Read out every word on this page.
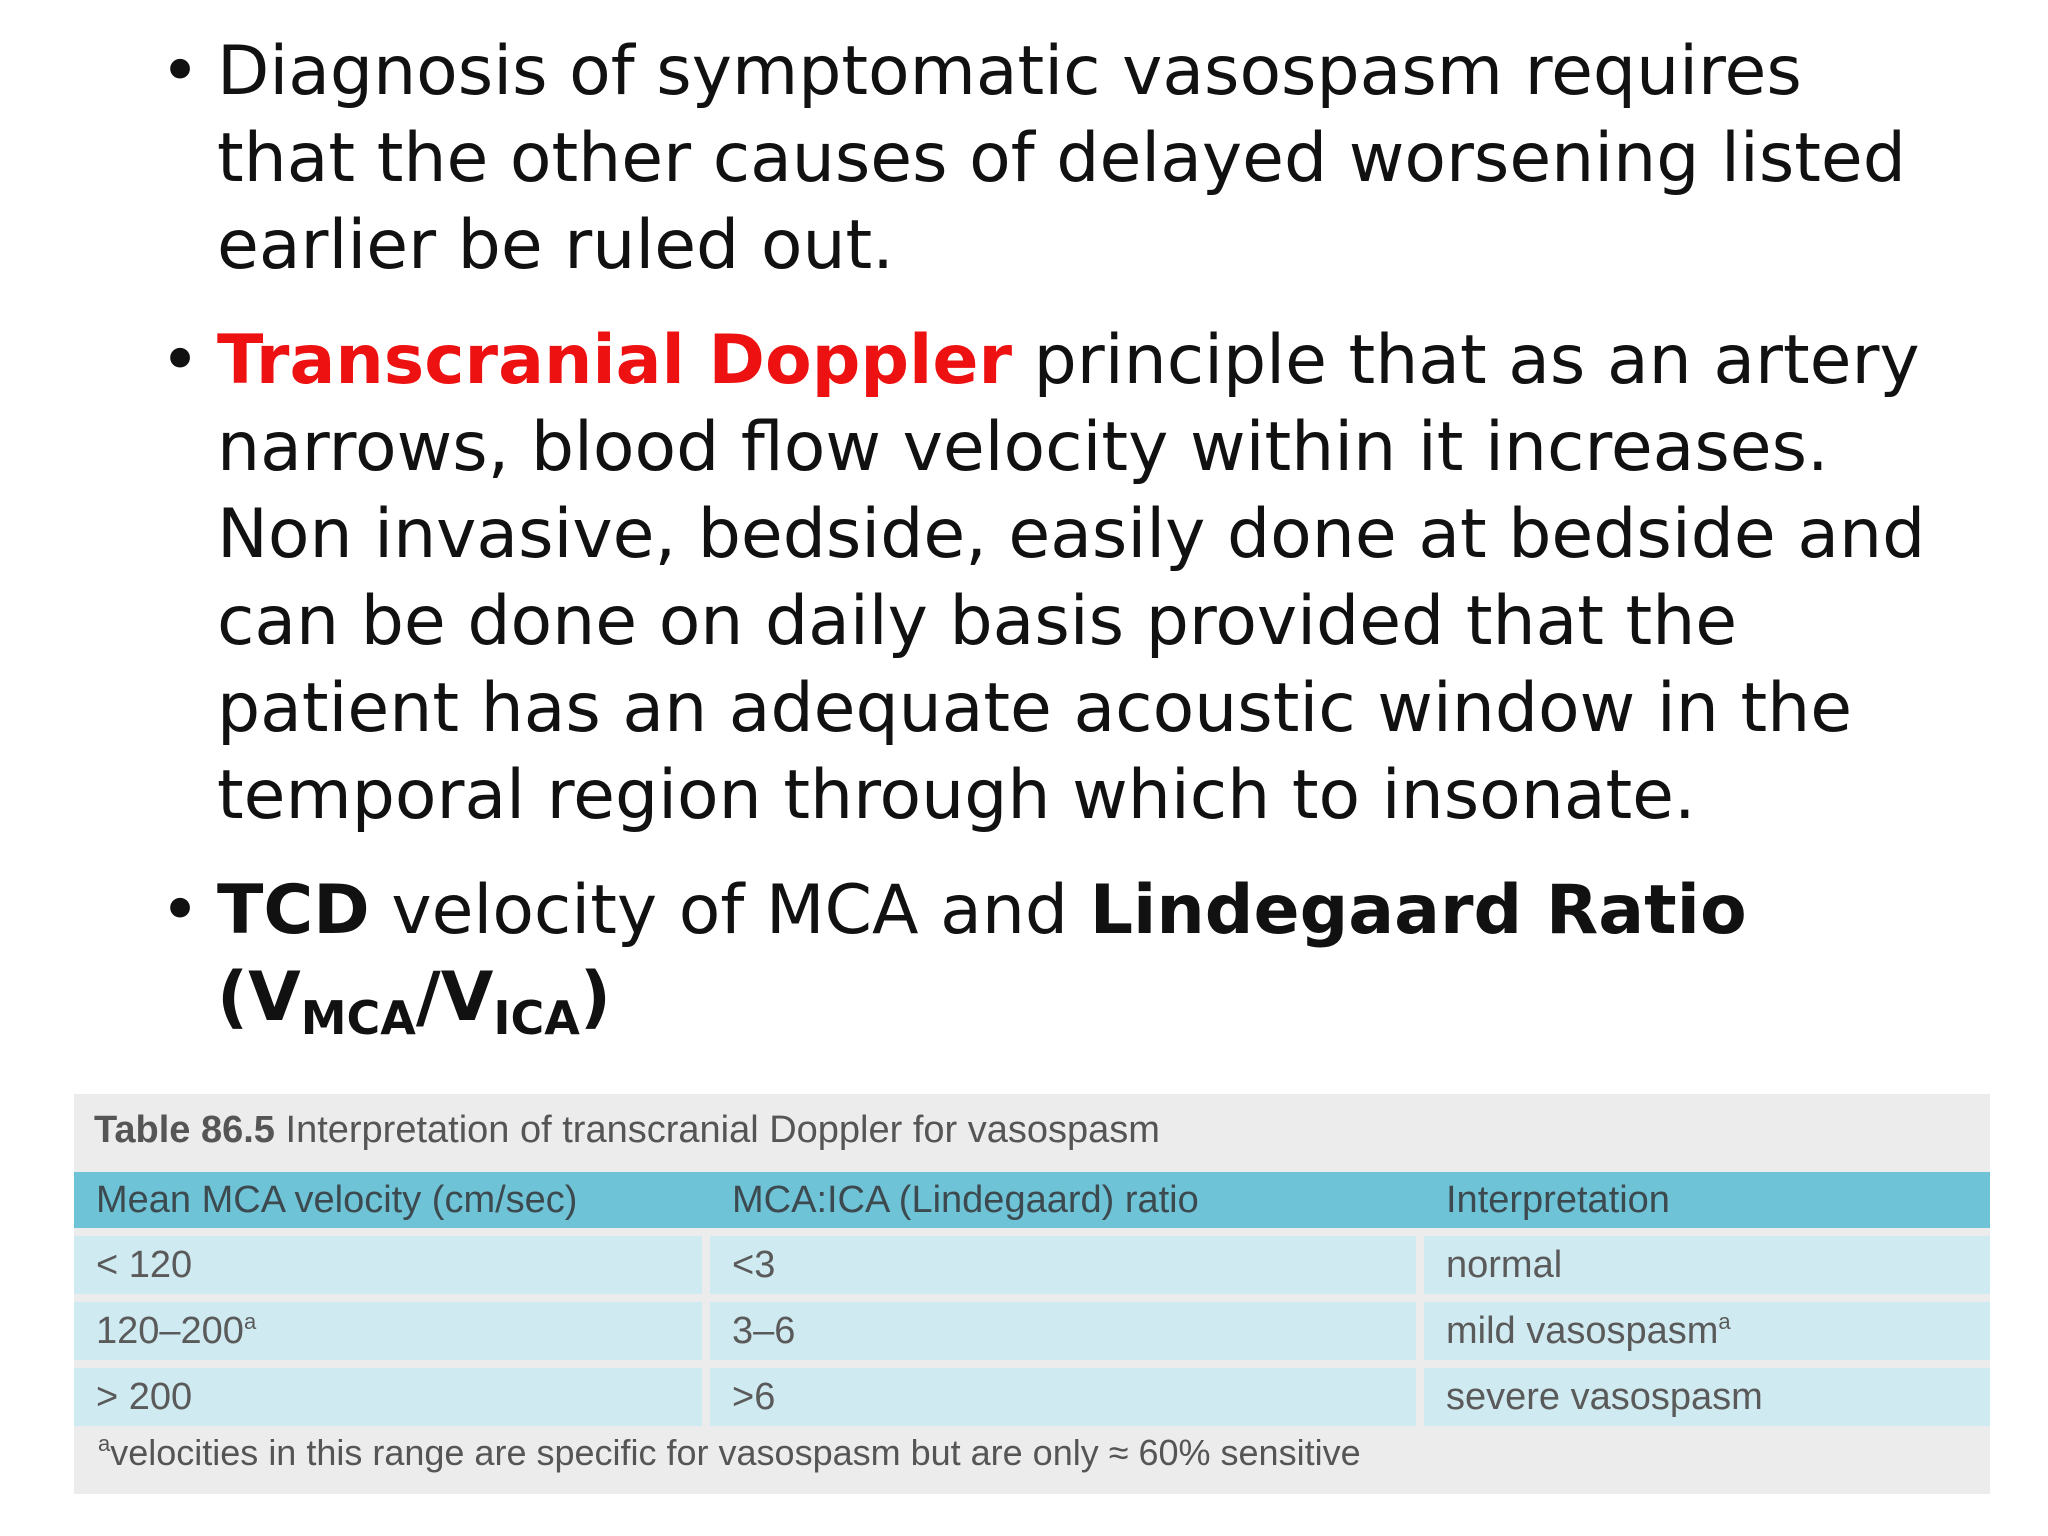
• Diagnosis of symptomatic vasospasm requires that the other causes of delayed worsening listed earlier be ruled out.
• Transcranial Doppler principle that as an artery narrows, blood flow velocity within it increases. Non invasive, bedside, easily done at bedside and can be done on daily basis provided that the patient has an adequate acoustic window in the temporal region through which to insonate.
• TCD velocity of MCA and Lindegaard Ratio
$(V_{MCA}/V_{ICA})$
Table 86.5 Interpretation of transcranial Doppler for vasospasm
Mean MCA velocity (cm/sec)	MCA:ICA (Lindegaard) ratio	Interpretation
< 120	<3	normal
120–200$^a$	3–6	mild vasospasm$^a$
> 200	>6	severe vasospasm
$^a$velocities in this range are specific for vasospasm but are only ≈ 60% sensitive
